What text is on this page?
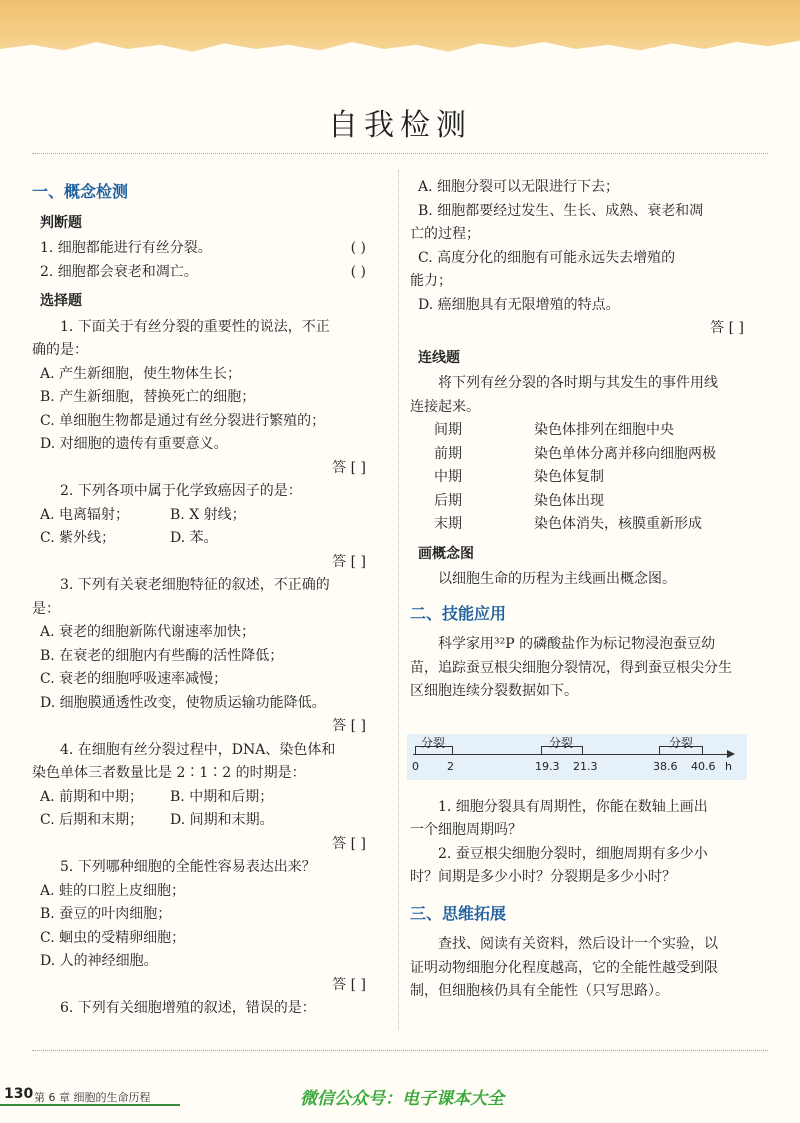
自我检测
一、概念检测
判断题
1. 细胞都能进行有丝分裂。	( )
2. 细胞都会衰老和凋亡。	( )
选择题
1. 下面关于有丝分裂的重要性的说法，不正
确的是：
A. 产生新细胞，使生物体生长；
B. 产生新细胞，替换死亡的细胞；
C. 单细胞生物都是通过有丝分裂进行繁殖的；
D. 对细胞的遗传有重要意义。
答 [ ]
2. 下列各项中属于化学致癌因子的是：
A. 电离辐射；	B. X 射线；
C. 紫外线；	D. 苯。
答 [ ]
3. 下列有关衰老细胞特征的叙述，不正确的
是：
A. 衰老的细胞新陈代谢速率加快；
B. 在衰老的细胞内有些酶的活性降低；
C. 衰老的细胞呼吸速率减慢；
D. 细胞膜通透性改变，使物质运输功能降低。
答 [ ]
4. 在细胞有丝分裂过程中，DNA、染色体和
染色单体三者数量比是 2∶1∶2 的时期是：
A. 前期和中期；	B. 中期和后期；
C. 后期和末期；	D. 间期和末期。
答 [ ]
5. 下列哪种细胞的全能性容易表达出来？
A. 蛙的口腔上皮细胞；
B. 蚕豆的叶肉细胞；
C. 蛔虫的受精卵细胞；
D. 人的神经细胞。
答 [ ]
6. 下列有关细胞增殖的叙述，错误的是：
A. 细胞分裂可以无限进行下去；
B. 细胞都要经过发生、生长、成熟、衰老和凋
亡的过程；
C. 高度分化的细胞有可能永远失去增殖的
能力；
D. 癌细胞具有无限增殖的特点。
答 [ ]
连线题
将下列有丝分裂的各时期与其发生的事件用线
连接起来。
间期	染色体排列在细胞中央
前期	染色单体分离并移向细胞两极
中期	染色体复制
后期	染色体出现
末期	染色体消失，核膜重新形成
画概念图
以细胞生命的历程为主线画出概念图。
二、技能应用
科学家用³²P 的磷酸盐作为标记物浸泡蚕豆幼
苗，追踪蚕豆根尖细胞分裂情况，得到蚕豆根尖分生
区细胞连续分裂数据如下。
1. 细胞分裂具有周期性，你能在数轴上画出
一个细胞周期吗？
2. 蚕豆根尖细胞分裂时，细胞周期有多少小
时？间期是多少小时？分裂期是多少小时？
三、思维拓展
查找、阅读有关资料，然后设计一个实验，以
证明动物细胞分化程度越高，它的全能性越受到限
制，但细胞核仍具有全能性（只写思路）。
分裂	分裂	分裂
0	2	19.3 21.3	38.6 40.6 h
130 第 6 章 细胞的生命历程	微信公众号：电子课本大全
